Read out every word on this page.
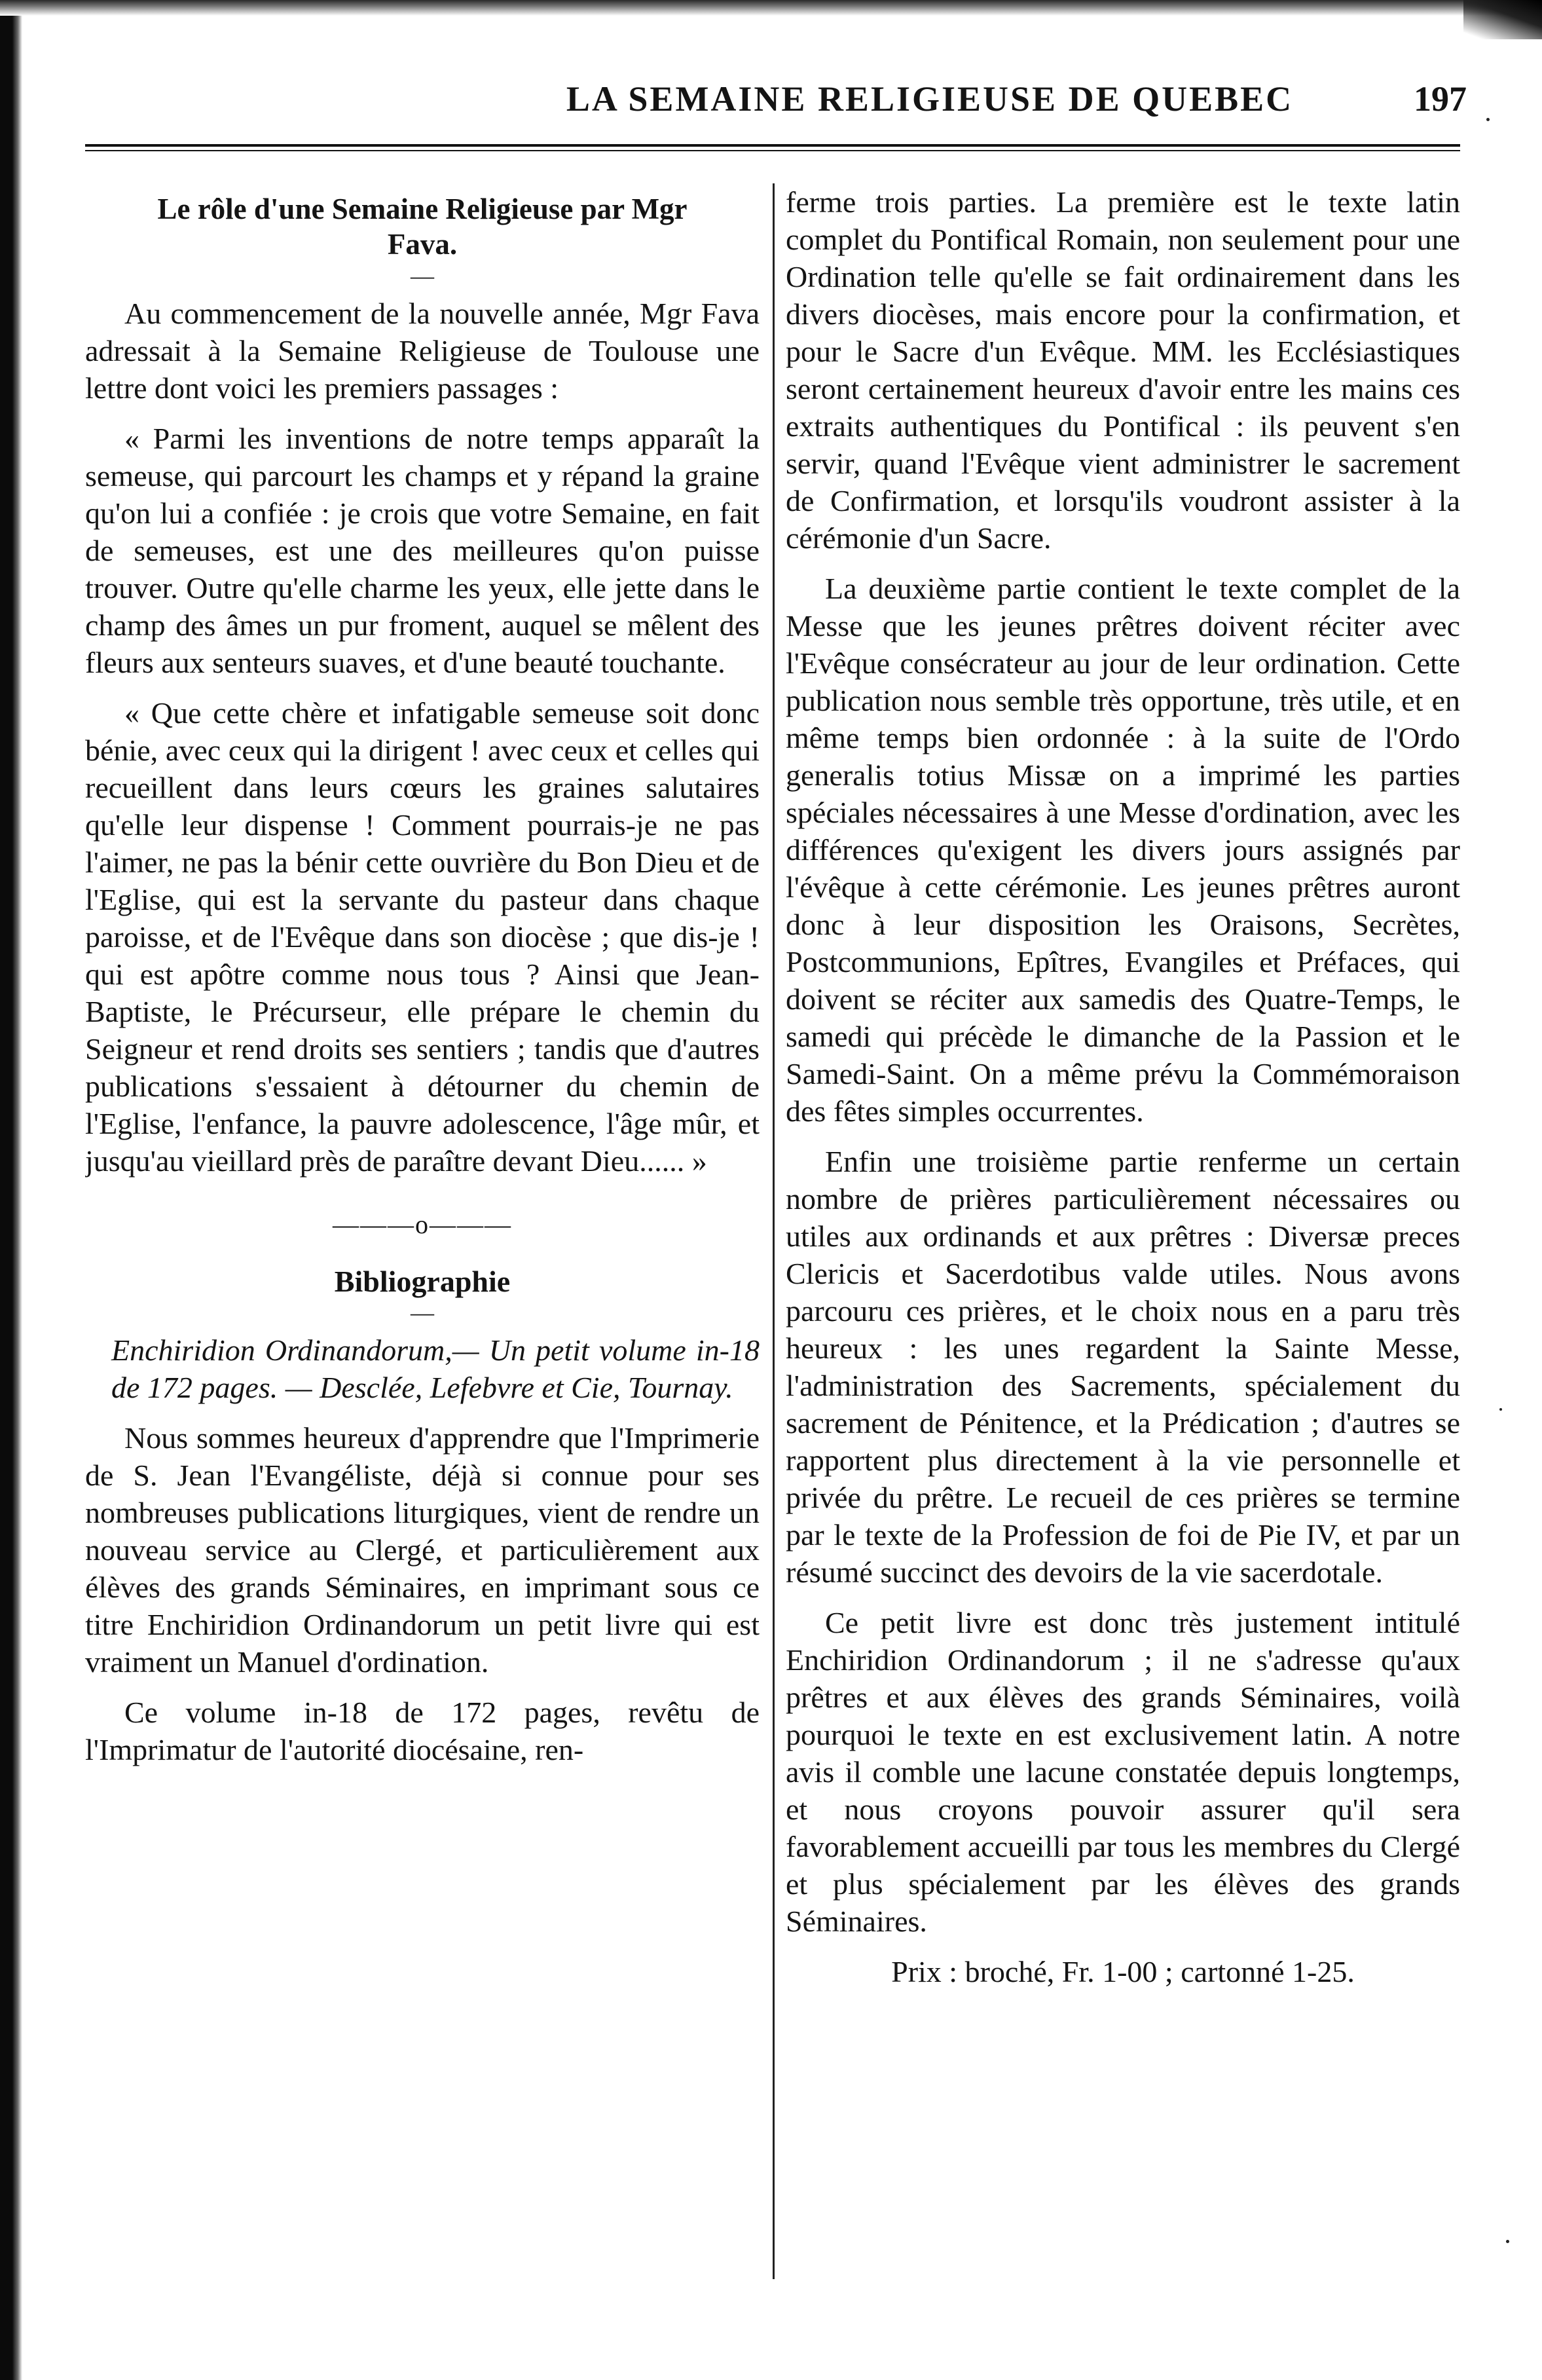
LA SEMAINE RELIGIEUSE DE QUEBEC	197
Le rôle d'une Semaine Religieuse par Mgr Fava.
—

Au commencement de la nouvelle année, Mgr Fava adressait à la Semaine Religieuse de Toulouse une lettre dont voici les premiers passages :

« Parmi les inventions de notre temps apparaît la semeuse, qui parcourt les champs et y répand la graine qu'on lui a confiée : je crois que votre Semaine, en fait de semeuses, est une des meilleures qu'on puisse trouver. Outre qu'elle charme les yeux, elle jette dans le champ des âmes un pur froment, auquel se mêlent des fleurs aux senteurs suaves, et d'une beauté touchante.

« Que cette chère et infatigable semeuse soit donc bénie, avec ceux qui la dirigent ! avec ceux et celles qui recueillent dans leurs cœurs les graines salutaires qu'elle leur dispense ! Comment pourrais-je ne pas l'aimer, ne pas la bénir cette ouvrière du Bon Dieu et de l'Eglise, qui est la servante du pasteur dans chaque paroisse, et de l'Evêque dans son diocèse ; que dis-je ! qui est apôtre comme nous tous ? Ainsi que Jean-Baptiste, le Précurseur, elle prépare le chemin du Seigneur et rend droits ses sentiers ; tandis que d'autres publications s'essaient à détourner du chemin de l'Eglise, l'enfance, la pauvre adolescence, l'âge mûr, et jusqu'au vieillard près de paraître devant Dieu...... »

———o———
Bibliographie
—

Enchiridion Ordinandorum,— Un petit volume in-18 de 172 pages. — Desclée, Lefebvre et Cie, Tournay.

Nous sommes heureux d'apprendre que l'Imprimerie de S. Jean l'Evangéliste, déjà si connue pour ses nombreuses publications liturgiques, vient de rendre un nouveau service au Clergé, et particulièrement aux élèves des grands Séminaires, en imprimant sous ce titre Enchiridion Ordinandorum un petit livre qui est vraiment un Manuel d'ordination.

Ce volume in-18 de 172 pages, revêtu de l'Imprimatur de l'autorité diocésaine, ren-

ferme trois parties. La première est le texte latin complet du Pontifical Romain, non seulement pour une Ordination telle qu'elle se fait ordinairement dans les divers diocèses, mais encore pour la confirmation, et pour le Sacre d'un Evêque. MM. les Ecclésiastiques seront certainement heureux d'avoir entre les mains ces extraits authentiques du Pontifical : ils peuvent s'en servir, quand l'Evêque vient administrer le sacrement de Confirmation, et lorsqu'ils voudront assister à la cérémonie d'un Sacre.

La deuxième partie contient le texte complet de la Messe que les jeunes prêtres doivent réciter avec l'Evêque consécrateur au jour de leur ordination. Cette publication nous semble très opportune, très utile, et en même temps bien ordonnée : à la suite de l'Ordo generalis totius Missæ on a imprimé les parties spéciales nécessaires à une Messe d'ordination, avec les différences qu'exigent les divers jours assignés par l'évêque à cette cérémonie. Les jeunes prêtres auront donc à leur disposition les Oraisons, Secrètes, Postcommunions, Epîtres, Evangiles et Préfaces, qui doivent se réciter aux samedis des Quatre-Temps, le samedi qui précède le dimanche de la Passion et le Samedi-Saint. On a même prévu la Commémoraison des fêtes simples occurrentes.

Enfin une troisième partie renferme un certain nombre de prières particulièrement nécessaires ou utiles aux ordinands et aux prêtres : Diversæ preces Clericis et Sacerdotibus valde utiles. Nous avons parcouru ces prières, et le choix nous en a paru très heureux : les unes regardent la Sainte Messe, l'administration des Sacrements, spécialement du sacrement de Pénitence, et la Prédication ; d'autres se rapportent plus directement à la vie personnelle et privée du prêtre. Le recueil de ces prières se termine par le texte de la Profession de foi de Pie IV, et par un résumé succinct des devoirs de la vie sacerdotale.

Ce petit livre est donc très justement intitulé Enchiridion Ordinandorum ; il ne s'adresse qu'aux prêtres et aux élèves des grands Séminaires, voilà pourquoi le texte en est exclusivement latin. A notre avis il comble une lacune constatée depuis longtemps, et nous croyons pouvoir assurer qu'il sera favorablement accueilli par tous les membres du Clergé et plus spécialement par les élèves des grands Séminaires.

Prix : broché, Fr. 1-00 ; cartonné 1-25.
